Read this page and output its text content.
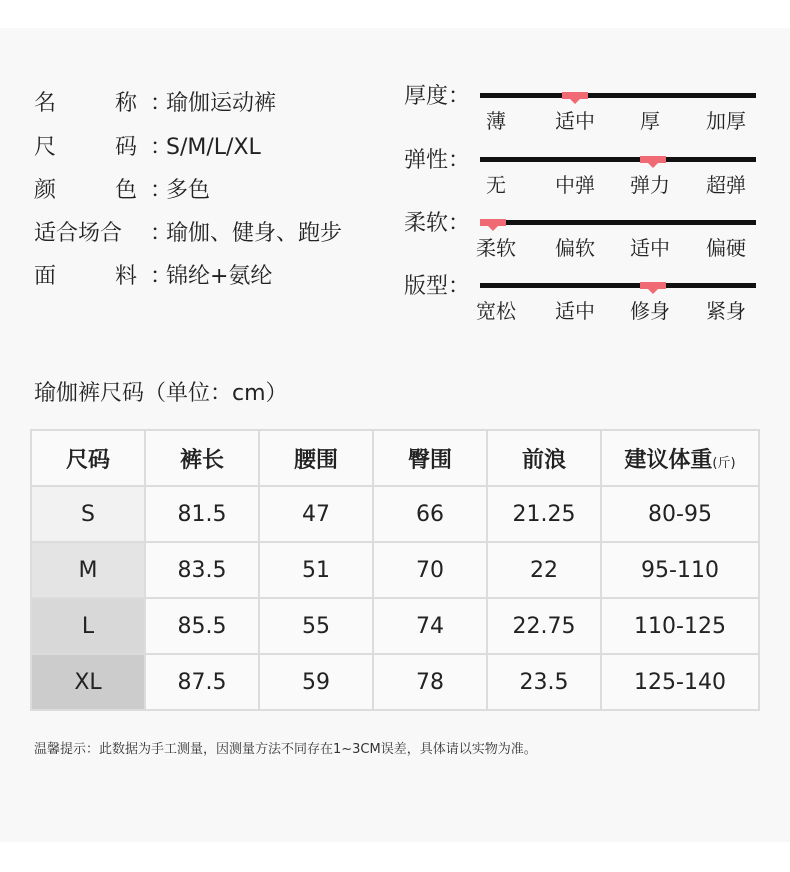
名	称 ：
瑜伽运动裤
尺	码 ：
S/M/L/XL
颜	色 ：
多色
适合场合 ：
瑜伽、健身、跑步
面	料 ：
锦纶+氨纶
厚度：
薄	适中	厚	加厚
弹性：
无	中弹	弹力	超弹
柔软：
柔软	偏软	适中	偏硬
版型：
宽松	适中	修身	紧身
瑜伽裤尺码（单位：cm）
尺码	裤长	腰围	臀围	前浪	建议体重(斤)
S	81.5	47	66	21.25	80-95
M	83.5	51	70	22	95-110
L	85.5	55	74	22.75	110-125
XL	87.5	59	78	23.5	125-140
温馨提示：此数据为手工测量，因测量方法不同存在1~3CM误差，具体请以实物为准。
